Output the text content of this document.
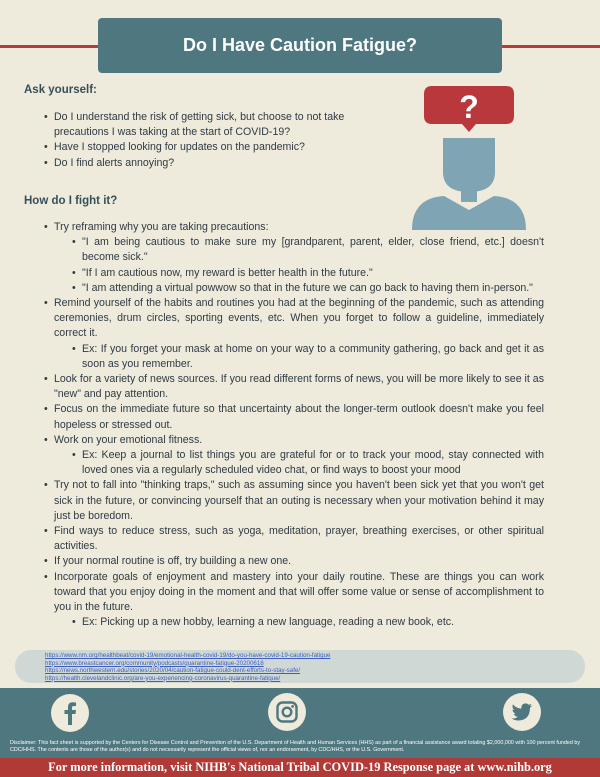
Do I Have Caution Fatigue?
Ask yourself:
• Do I understand the risk of getting sick, but choose to not take precautions I was taking at the start of COVID-19?
• Have I stopped looking for updates on the pandemic?
• Do I find alerts annoying?
?
How do I fight it?
• Try reframing why you are taking precautions:
• "I am being cautious to make sure my [grandparent, parent, elder, close friend, etc.] doesn't become sick."
• "If I am cautious now, my reward is better health in the future."
• "I am attending a virtual powwow so that in the future we can go back to having them in-person."
• Remind yourself of the habits and routines you had at the beginning of the pandemic, such as attending ceremonies, drum circles, sporting events, etc. When you forget to follow a guideline, immediately correct it.
• Ex: If you forget your mask at home on your way to a community gathering, go back and get it as soon as you remember.
• Look for a variety of news sources. If you read different forms of news, you will be more likely to see it as "new" and pay attention.
• Focus on the immediate future so that uncertainty about the longer-term outlook doesn't make you feel hopeless or stressed out.
• Work on your emotional fitness.
• Ex: Keep a journal to list things you are grateful for or to track your mood, stay connected with loved ones via a regularly scheduled video chat, or find ways to boost your mood
• Try not to fall into "thinking traps," such as assuming since you haven't been sick yet that you won't get sick in the future, or convincing yourself that an outing is necessary when your motivation behind it may just be boredom.
• Find ways to reduce stress, such as yoga, meditation, prayer, breathing exercises, or other spiritual activities.
• If your normal routine is off, try building a new one.
• Incorporate goals of enjoyment and mastery into your daily routine. These are things you can work toward that you enjoy doing in the moment and that will offer some value or sense of accomplishment to you in the future.
• Ex: Picking up a new hobby, learning a new language, reading a new book, etc.
https://www.nm.org/healthbeat/covid-19/emotional-health-covid-19/do-you-have-covid-19-caution-fatigue
https://www.breastcancer.org/community/podcasts/quarantine-fatigue-20200618
https://news.northwestern.edu/stories/2020/04/caution-fatigue-could-dent-efforts-to-stay-safe/
https://health.clevelandclinic.org/are-you-experiencing-coronavirus-quarantine-fatigue/
Disclaimer: This fact sheet is supported by the Centers for Disease Control and Prevention of the U.S. Department of Health and Human Services (HHS) as part of a financial assistance award totaling $2,000,000 with 100 percent funded by CDC/HHS. The contents are those of the author(s) and do not necessarily represent the official views of, nor an endorsement, by CDC/HHS, or the U.S. Government.
For more information, visit NIHB's National Tribal COVID-19 Response page at www.nihb.org
